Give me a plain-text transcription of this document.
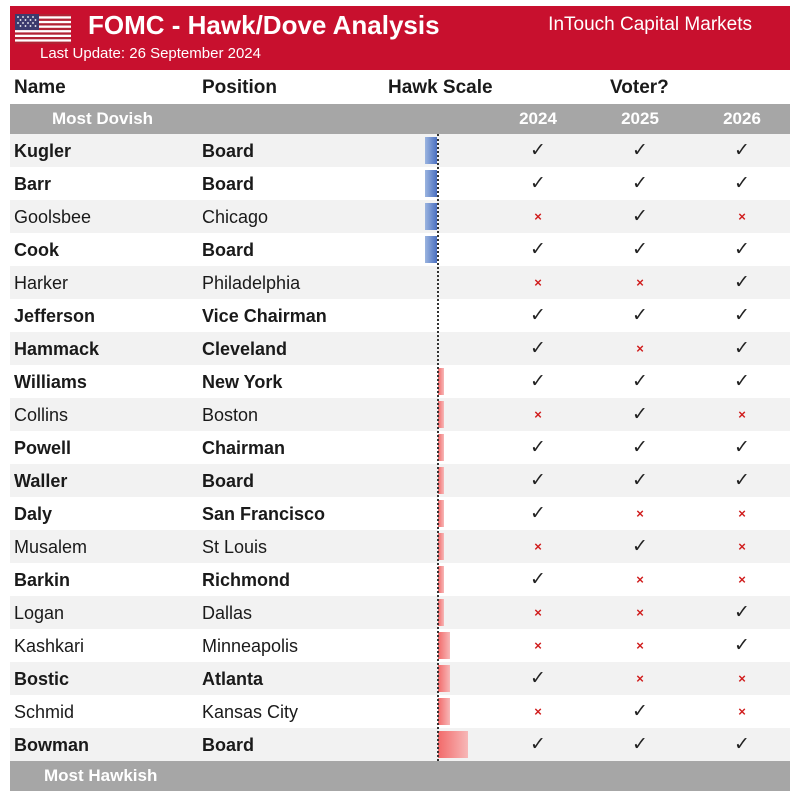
FOMC - Hawk/Dove Analysis	InTouch Capital Markets
Last Update: 26 September 2024
Name	Position	Hawk Scale	Voter?
Most Dovish	2024	2025	2026
Kugler	Board	✓	✓	✓
Barr	Board	✓	✓	✓
Goolsbee	Chicago	×	✓	×
Cook	Board	✓	✓	✓
Harker	Philadelphia	×	×	✓
Jefferson	Vice Chairman	✓	✓	✓
Hammack	Cleveland	✓	×	✓
Williams	New York	✓	✓	✓
Collins	Boston	×	✓	×
Powell	Chairman	✓	✓	✓
Waller	Board	✓	✓	✓
Daly	San Francisco	✓	×	×
Musalem	St Louis	×	✓	×
Barkin	Richmond	✓	×	×
Logan	Dallas	×	×	✓
Kashkari	Minneapolis	×	×	✓
Bostic	Atlanta	✓	×	×
Schmid	Kansas City	×	✓	×
Bowman	Board	✓	✓	✓
Most Hawkish
